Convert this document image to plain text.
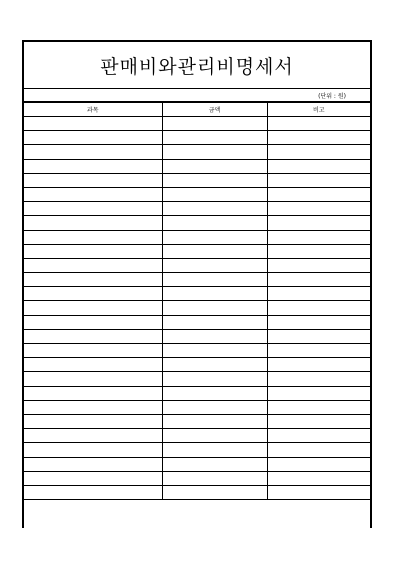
판매비와관리비명세서
(단위 : 원)
과목	금액	비고
